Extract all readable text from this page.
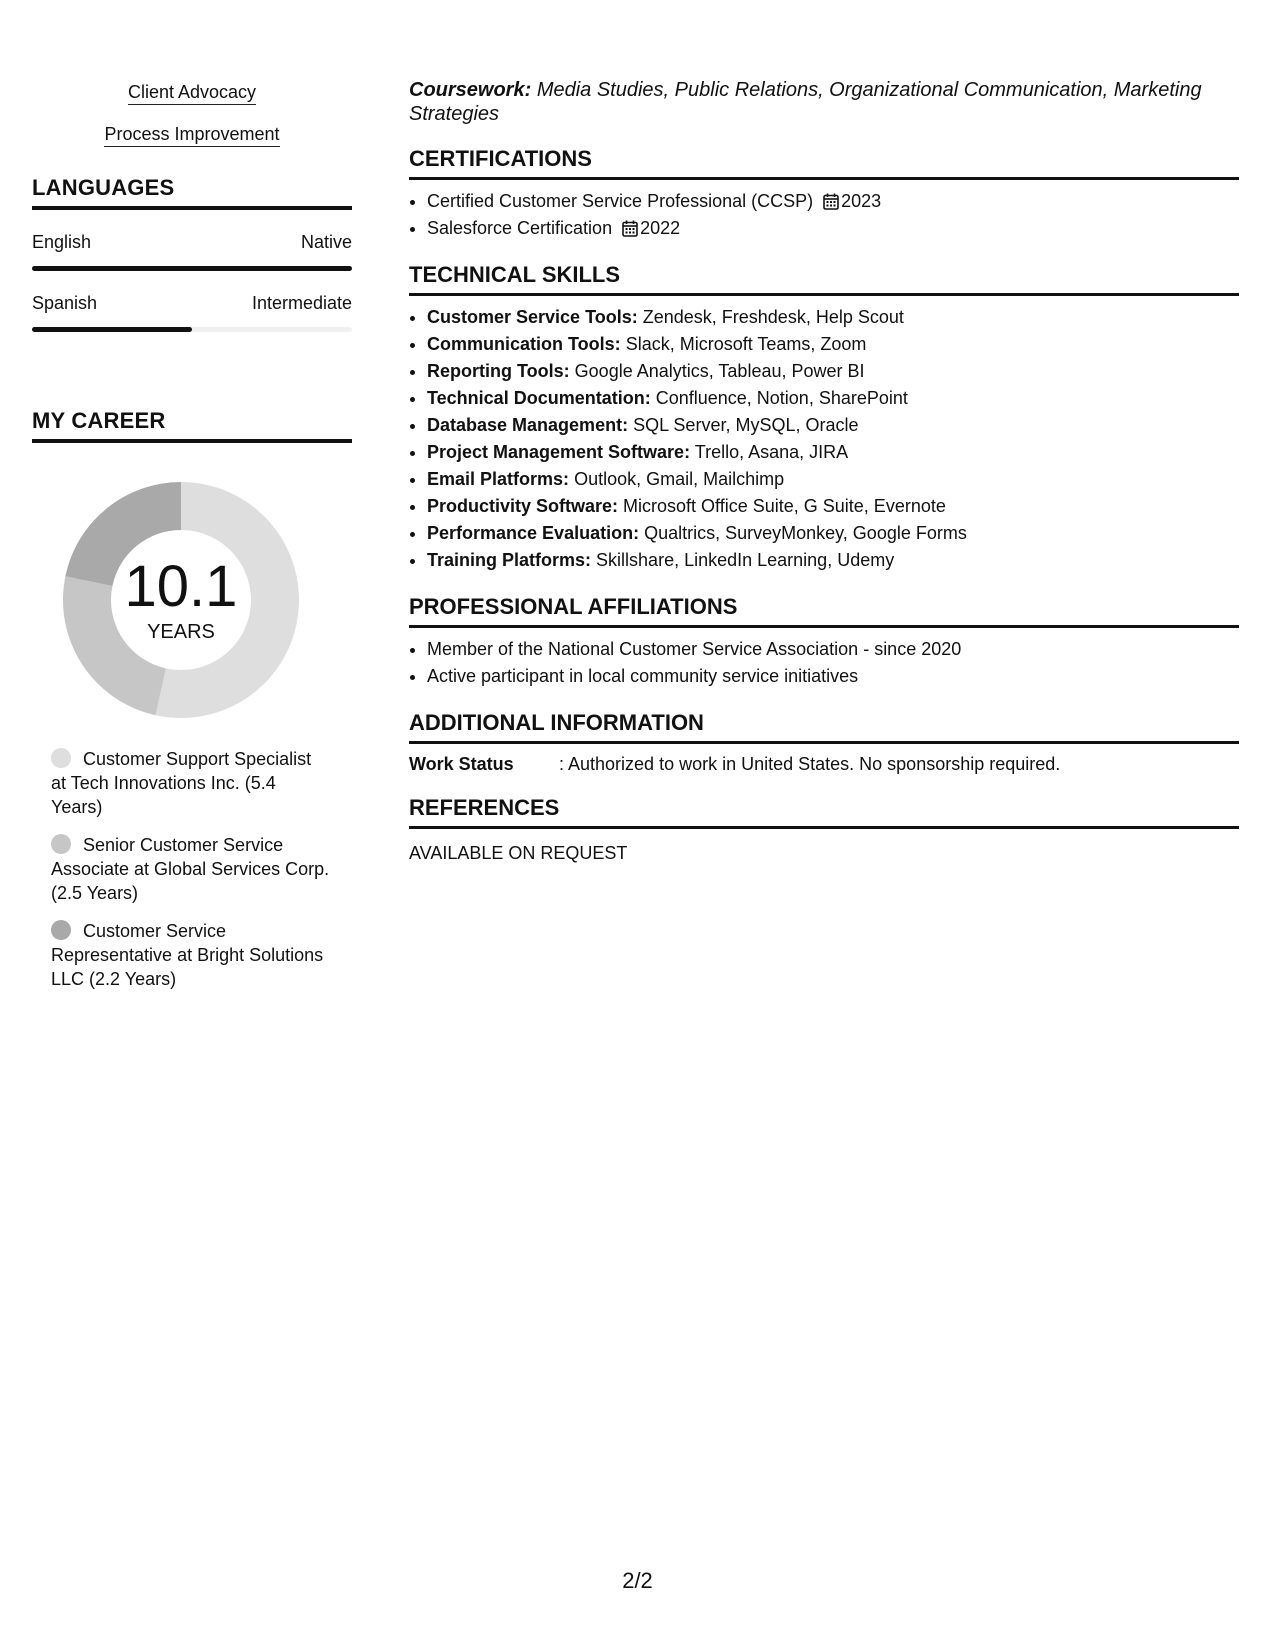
Client Advocacy
Process Improvement
LANGUAGES
English	Native
Spanish	Intermediate
MY CAREER
10.1
YEARS
Customer Support Specialist at Tech Innovations Inc. (5.4 Years)
Senior Customer Service Associate at Global Services Corp. (2.5 Years)
Customer Service Representative at Bright Solutions LLC (2.2 Years)
Coursework: Media Studies, Public Relations, Organizational Communication, Marketing Strategies
CERTIFICATIONS
• Certified Customer Service Professional (CCSP) 2023
• Salesforce Certification 2022
TECHNICAL SKILLS
• Customer Service Tools: Zendesk, Freshdesk, Help Scout
• Communication Tools: Slack, Microsoft Teams, Zoom
• Reporting Tools: Google Analytics, Tableau, Power BI
• Technical Documentation: Confluence, Notion, SharePoint
• Database Management: SQL Server, MySQL, Oracle
• Project Management Software: Trello, Asana, JIRA
• Email Platforms: Outlook, Gmail, Mailchimp
• Productivity Software: Microsoft Office Suite, G Suite, Evernote
• Performance Evaluation: Qualtrics, SurveyMonkey, Google Forms
• Training Platforms: Skillshare, LinkedIn Learning, Udemy
PROFESSIONAL AFFILIATIONS
• Member of the National Customer Service Association - since 2020
• Active participant in local community service initiatives
ADDITIONAL INFORMATION
Work Status	: Authorized to work in United States. No sponsorship required.
REFERENCES
AVAILABLE ON REQUEST
2/2
